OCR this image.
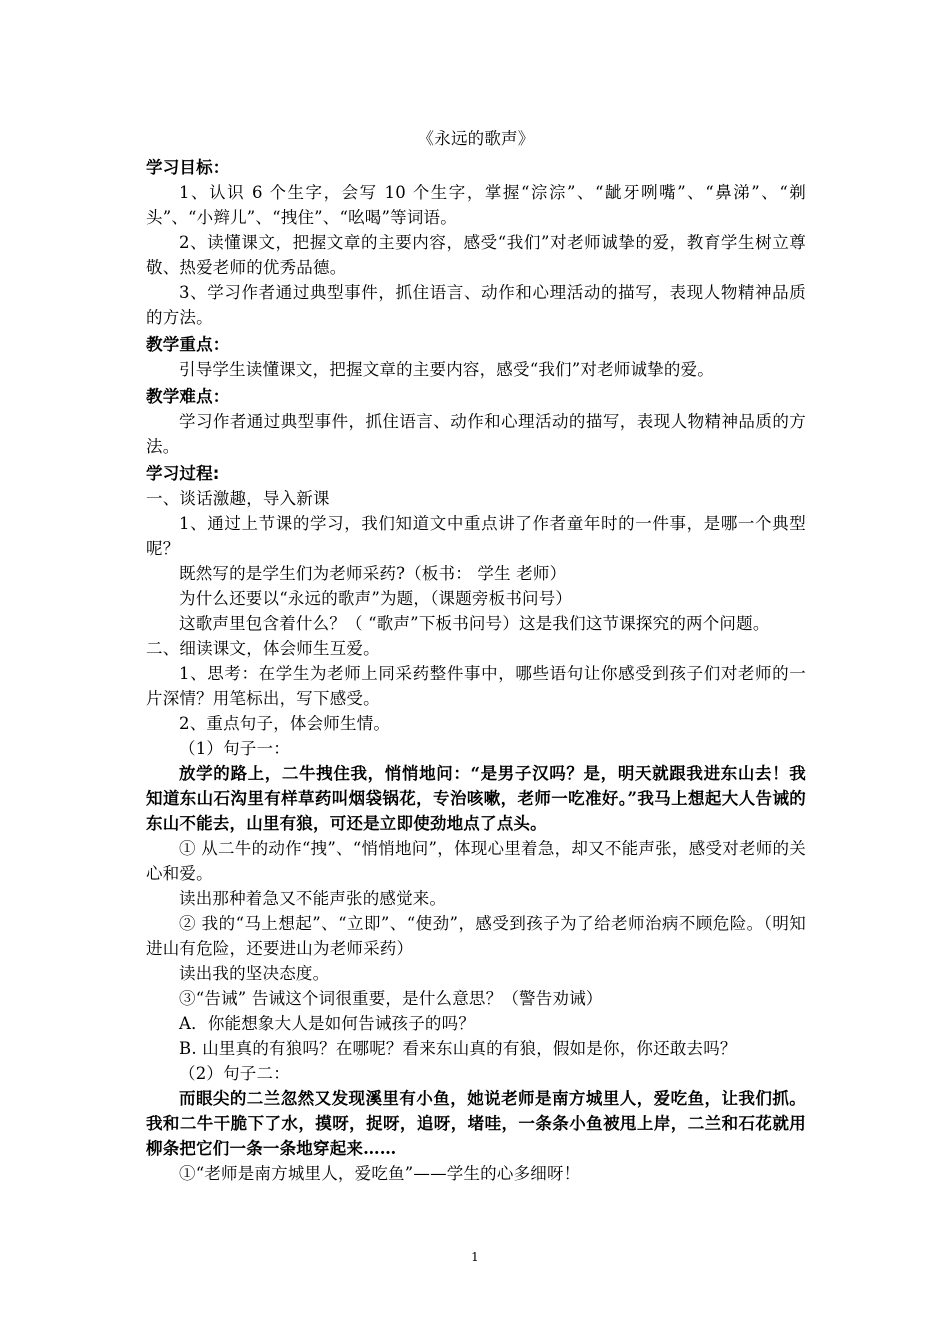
《永远的歌声》
学习目标：
1、认识 6 个生字，会写 10 个生字，掌握“淙淙”、“龇牙咧嘴”、“鼻涕”、“剃头”、“小辫儿”、“拽住”、“吆喝”等词语。
2、读懂课文，把握文章的主要内容，感受“我们”对老师诚挚的爱，教育学生树立尊敬、热爱老师的优秀品德。
3、学习作者通过典型事件，抓住语言、动作和心理活动的描写，表现人物精神品质的方法。
教学重点：
引导学生读懂课文，把握文章的主要内容，感受“我们”对老师诚挚的爱。
教学难点：
学习作者通过典型事件，抓住语言、动作和心理活动的描写，表现人物精神品质的方法。
学习过程:
一、谈话激趣，导入新课
1、通过上节课的学习，我们知道文中重点讲了作者童年时的一件事，是哪一个典型呢？
既然写的是学生们为老师采药?（板书： 学生 老师）
为什么还要以“永远的歌声”为题，（课题旁板书问号）
这歌声里包含着什么？（ “歌声”下板书问号）这是我们这节课探究的两个问题。
二、细读课文，体会师生互爱。
1、思考：在学生为老师上同采药整件事中，哪些语句让你感受到孩子们对老师的一片深情？用笔标出，写下感受。
2、重点句子，体会师生情。
（1）句子一：
放学的路上，二牛拽住我，悄悄地问：“是男子汉吗？是，明天就跟我进东山去！我知道东山石沟里有样草药叫烟袋锅花，专治咳嗽，老师一吃准好。”我马上想起大人告诫的东山不能去，山里有狼，可还是立即使劲地点了点头。
① 从二牛的动作“拽”、“悄悄地问”，体现心里着急，却又不能声张，感受对老师的关心和爱。
读出那种着急又不能声张的感觉来。
② 我的“马上想起”、“立即”、“使劲”，感受到孩子为了给老师治病不顾危险。（明知进山有危险，还要进山为老师采药）
读出我的坚决态度。
③“告诫” 告诫这个词很重要，是什么意思？（警告劝诫）
A．你能想象大人是如何告诫孩子的吗？
B. 山里真的有狼吗？在哪呢？看来东山真的有狼，假如是你，你还敢去吗？
（2）句子二：
而眼尖的二兰忽然又发现溪里有小鱼，她说老师是南方城里人，爱吃鱼，让我们抓。我和二牛干脆下了水，摸呀，捉呀，追呀，堵哇，一条条小鱼被甩上岸，二兰和石花就用柳条把它们一条一条地穿起来……
①“老师是南方城里人，爱吃鱼”——学生的心多细呀！
1
